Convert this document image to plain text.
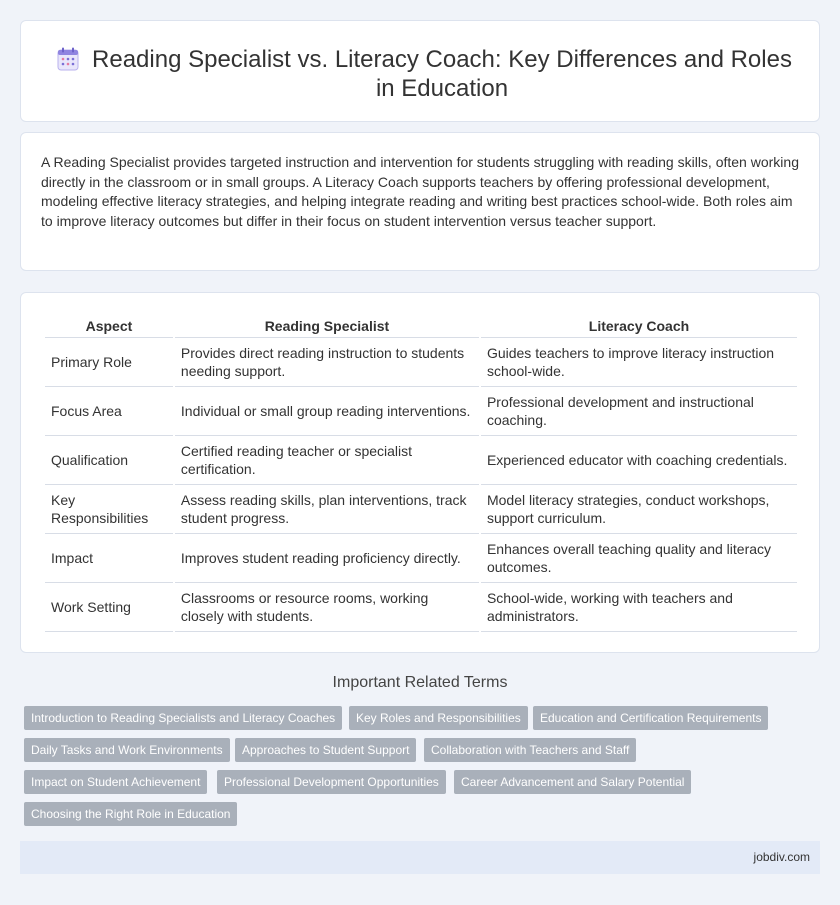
Reading Specialist vs. Literacy Coach: Key Differences and Roles in Education

A Reading Specialist provides targeted instruction and intervention for students struggling with reading skills, often working directly in the classroom or in small groups. A Literacy Coach supports teachers by offering professional development, modeling effective literacy strategies, and helping integrate reading and writing best practices school-wide. Both roles aim to improve literacy outcomes but differ in their focus on student intervention versus teacher support.

Aspect	Reading Specialist	Literacy Coach
Primary Role	Provides direct reading instruction to students needing support.	Guides teachers to improve literacy instruction school-wide.
Focus Area	Individual or small group reading interventions.	Professional development and instructional coaching.
Qualification	Certified reading teacher or specialist certification.	Experienced educator with coaching credentials.
Key Responsibilities	Assess reading skills, plan interventions, track student progress.	Model literacy strategies, conduct workshops, support curriculum.
Impact	Improves student reading proficiency directly.	Enhances overall teaching quality and literacy outcomes.
Work Setting	Classrooms or resource rooms, working closely with students.	School-wide, working with teachers and administrators.
Important Related Terms
Introduction to Reading Specialists and Literacy Coaches	Key Roles and Responsibilities	Education and Certification Requirements
Daily Tasks and Work Environments	Approaches to Student Support	Collaboration with Teachers and Staff
Impact on Student Achievement	Professional Development Opportunities	Career Advancement and Salary Potential
Choosing the Right Role in Education
jobdiv.com
